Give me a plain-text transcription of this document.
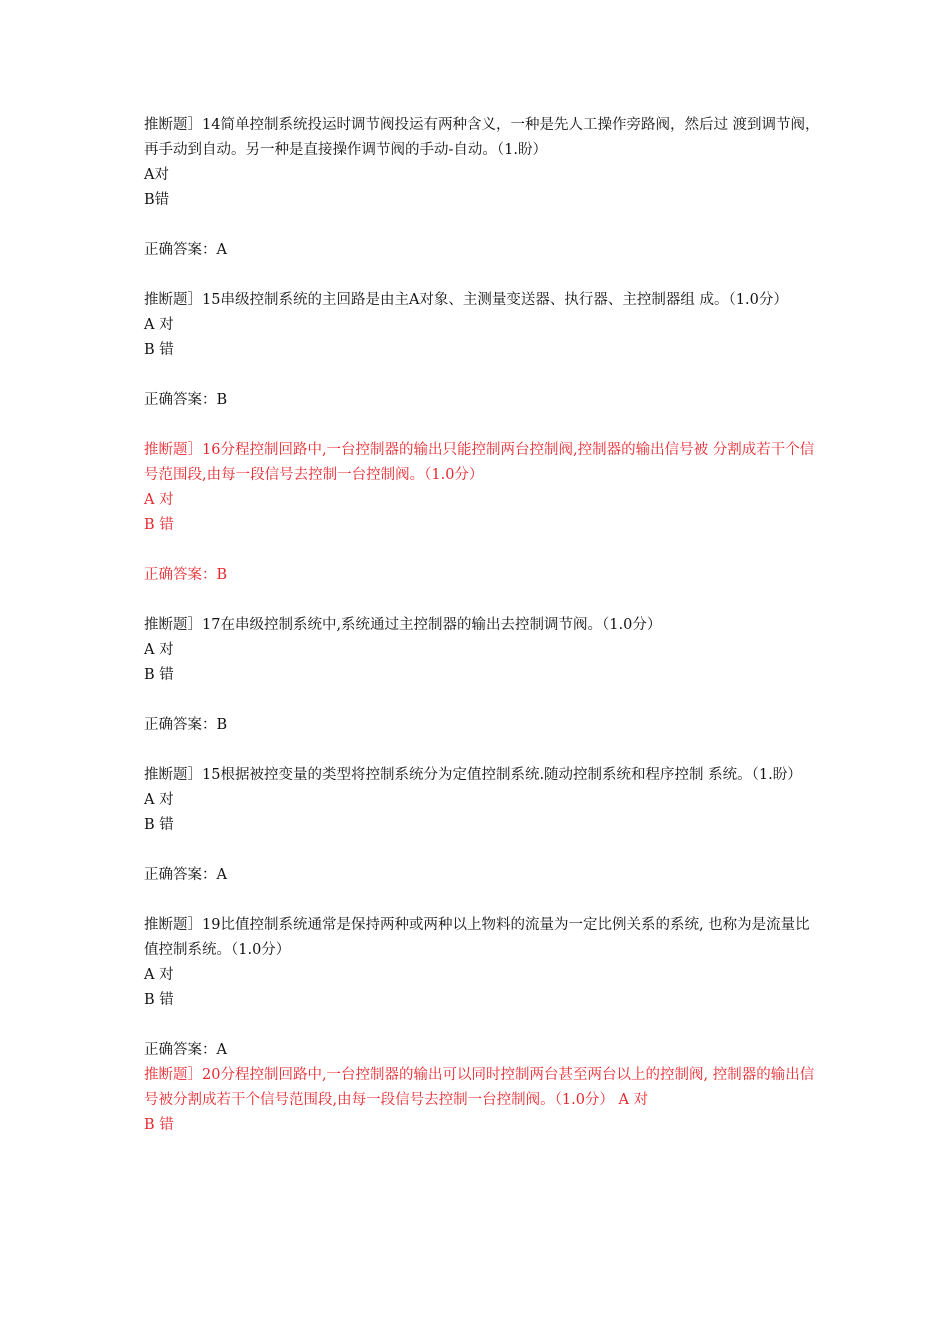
推断题］14简单控制系统投运时调节阀投运有两种含义，一种是先人工操作旁路阀，然后过 渡到调节阀，再手动到自动。另一种是直接操作调节阀的手动-自动。（1.盼）

A对

B错

正确答案：A

推断题］15串级控制系统的主回路是由主A对象、主测量变送器、执行器、主控制器组 成。（1.0分）

A 对

B 错

正确答案：B

推断题］16分程控制回路中,一台控制器的输出只能控制两台控制阀,控制器的输出信号被 分割成若干个信号范围段,由每一段信号去控制一台控制阀。（1.0分）

A 对

B 错

正确答案：B

推断题］17在串级控制系统中,系统通过主控制器的输出去控制调节阀。（1.0分）

A 对

B 错

正确答案：B

推断题］15根据被控变量的类型将控制系统分为定值控制系统.随动控制系统和程序控制 系统。（1.盼）

A 对

B 错

正确答案：A

推断题］19比值控制系统通常是保持两种或两种以上物料的流量为一定比例关系的系统, 也称为是流量比值控制系统。（1.0分）

A 对

B 错

正确答案：A

推断题］20分程控制回路中,一台控制器的输出可以同时控制两台甚至两台以上的控制阀, 控制器的输出信号被分割成若干个信号范围段,由每一段信号去控制一台控制阀。（1.0分） A 对

B 错
